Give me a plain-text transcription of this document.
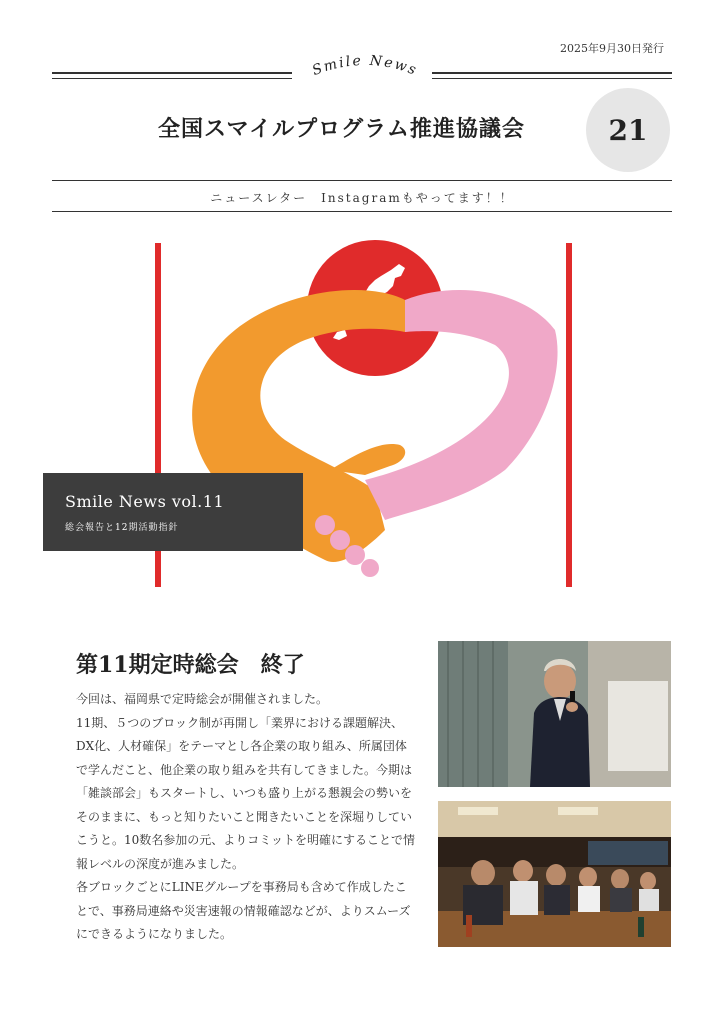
2025年9月30日発行
Smile News
全国スマイルプログラム推進協議会	21
ニュースレター　Instagramもやってます！！
Smile News vol.11
総会報告と12期活動指針
第11期定時総会　終了

今回は、福岡県で定時総会が開催されました。

11期、５つのブロック制が再開し「業界における課題解決、DX化、人材確保」をテーマとし各企業の取り組み、所属団体で学んだこと、他企業の取り組みを共有してきました。今期は「雑談部会」もスタートし、いつも盛り上がる懇親会の勢いをそのままに、もっと知りたいこと聞きたいことを深堀りしていこうと。10数名参加の元、よりコミットを明確にすることで情報レベルの深度が進みました。

各ブロックごとにLINEグループを事務局も含めて作成したことで、事務局連絡や災害速報の情報確認などが、よりスムーズにできるようになりました。
